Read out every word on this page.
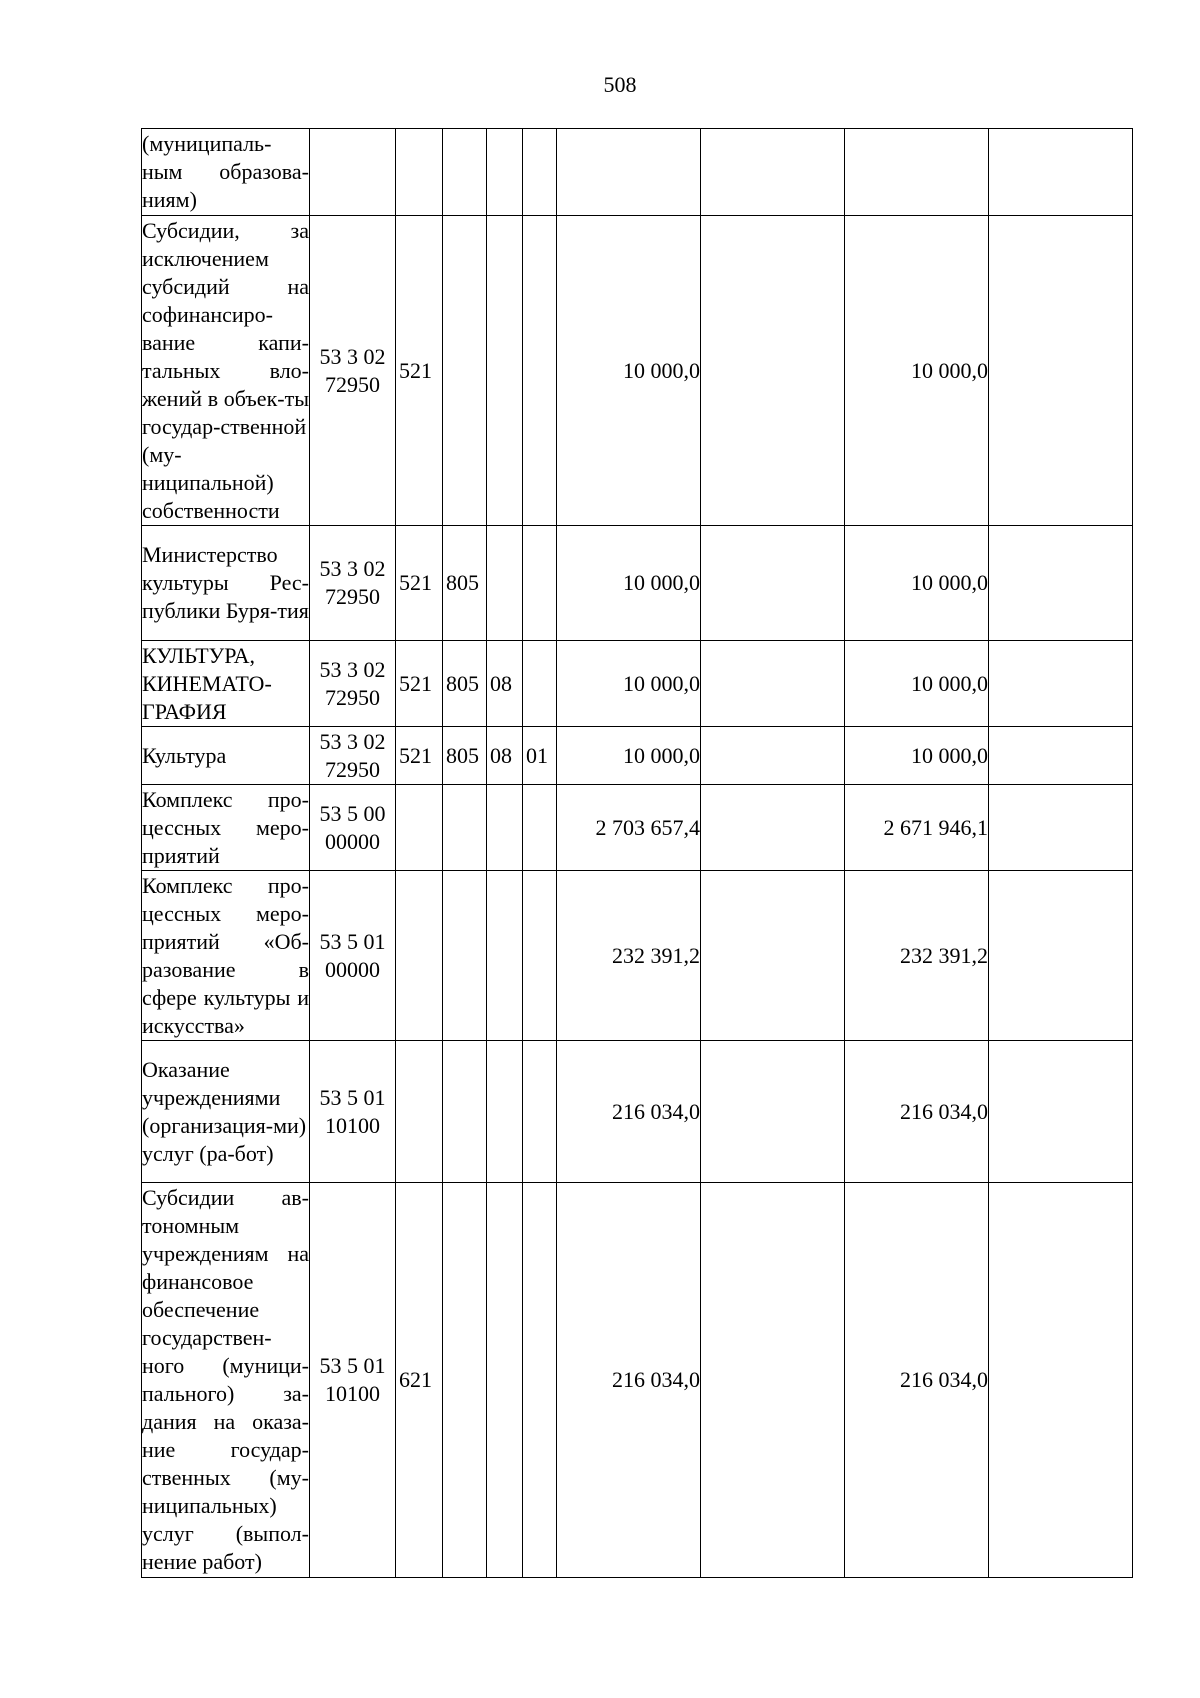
508
(муниципаль-ным образова-ниям)									
Субсидии, за исключением субсидий на софинансиро-вание капи-тальных вло-жений в объек-ты государ-ственной (му-ниципальной) собственности	53 3 02 72950	521				10 000,0		10 000,0	
Министерство культуры Рес-публики Буря-тия	53 3 02 72950	521	805			10 000,0		10 000,0	
КУЛЬТУРА, КИНЕМАТО-ГРАФИЯ	53 3 02 72950	521	805	08		10 000,0		10 000,0	
Культура	53 3 02 72950	521	805	08	01	10 000,0		10 000,0	
Комплекс про-цессных меро-приятий	53 5 00 00000					2 703 657,4		2 671 946,1	
Комплекс про-цессных меро-приятий «Об-разование в сфере культуры и искусства»	53 5 01 00000					232 391,2		232 391,2	
Оказание учреждениями (организация-ми) услуг (ра-бот)	53 5 01 10100					216 034,0		216 034,0	
Субсидии ав-тономным учреждениям на финансовое обеспечение государствен-ного (муници-пального) за-дания на оказа-ние государ-ственных (му-ниципальных) услуг (выпол-нение работ)	53 5 01 10100	621				216 034,0		216 034,0	
